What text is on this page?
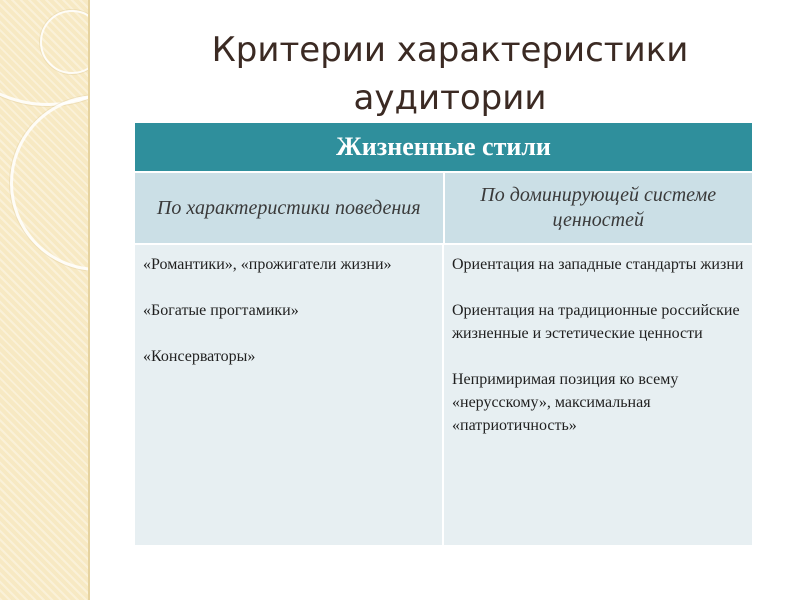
Критерии характеристики аудитории
Жизненные стили
По характеристики поведения
По доминирующей системе ценностей

«Романтики», «прожигатели жизни»

«Богатые прогтамики»

«Консерваторы»

Ориентация на западные стандарты жизни

Ориентация на традиционные российские жизненные и эстетические ценности

Непримиримая позиция ко всему «нерусскому», максимальная «патриотичность»
